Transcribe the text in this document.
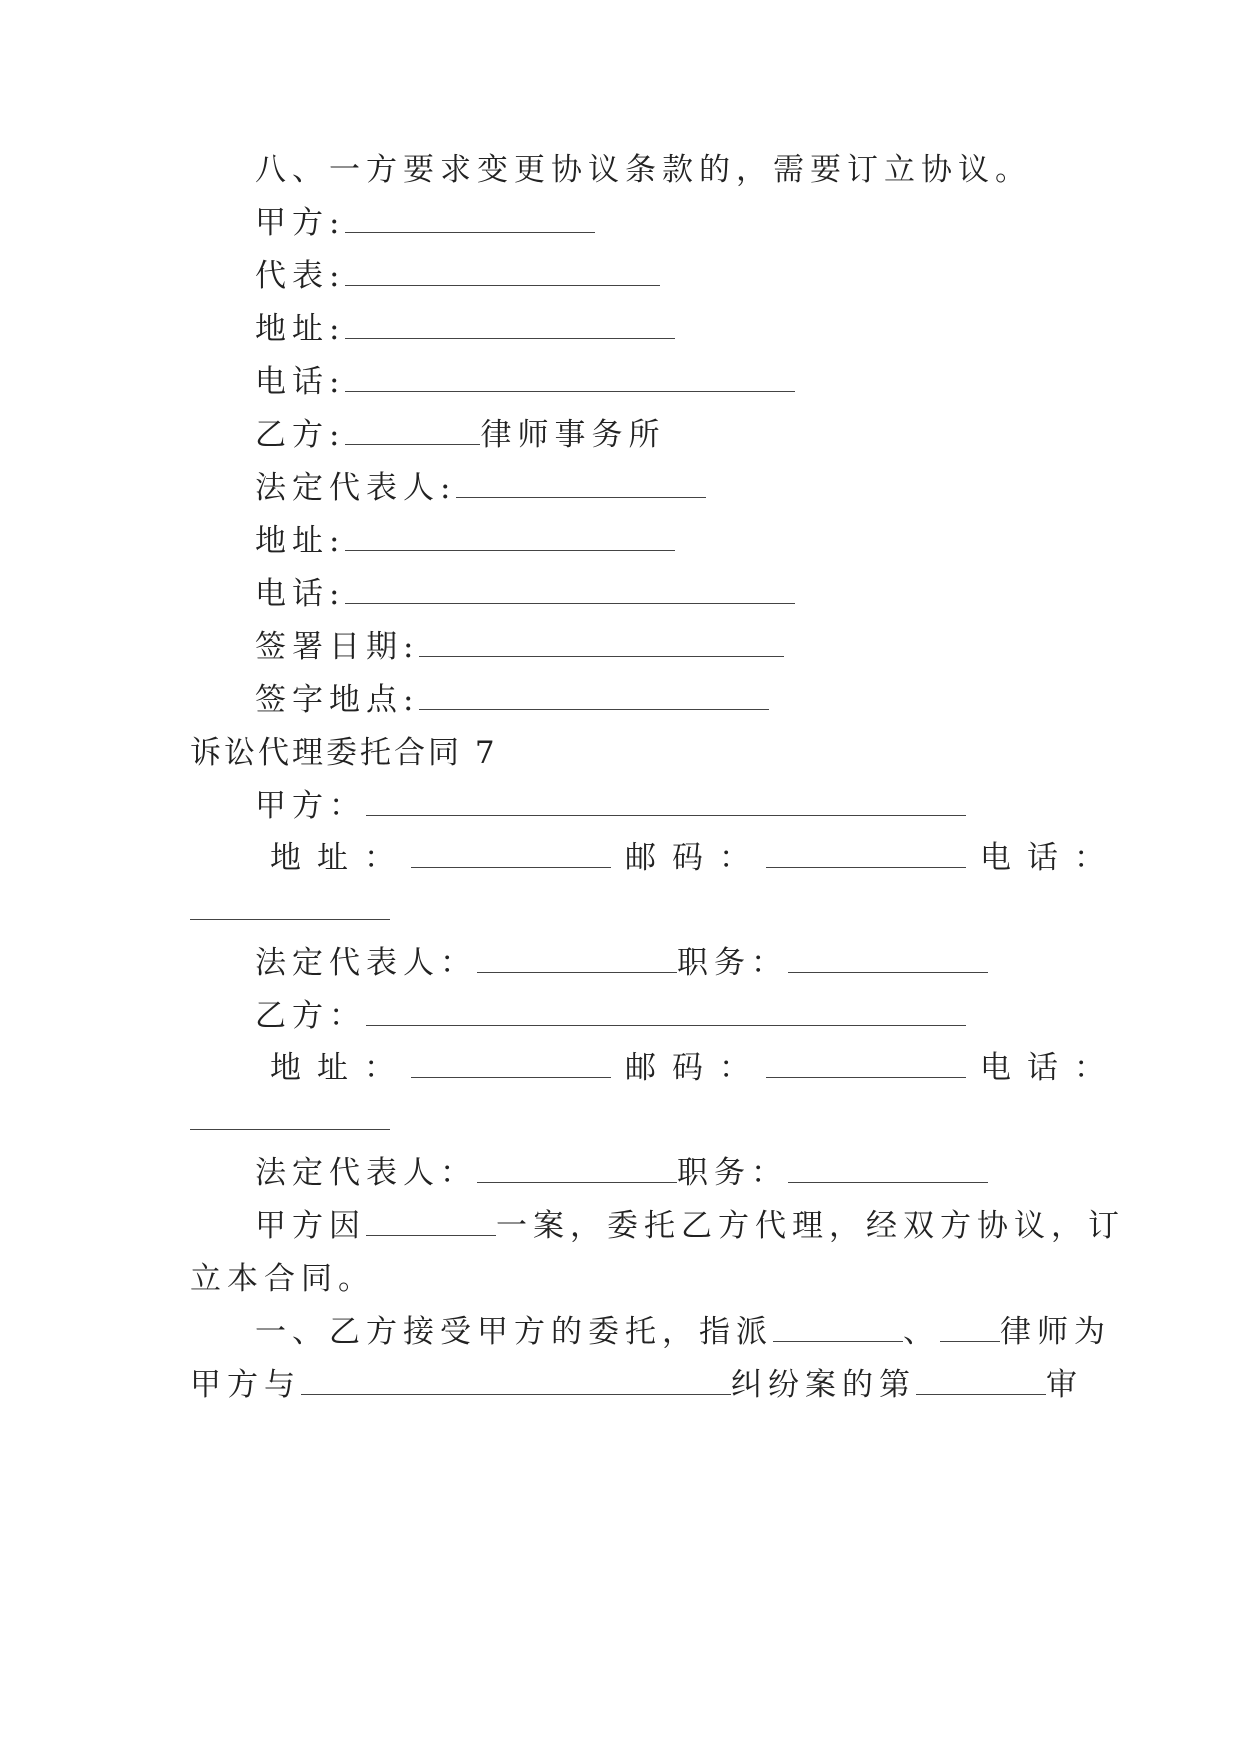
八、一方要求变更协议条款的，需要订立协议。
甲方:
代表:
地址:
电话:
乙方:	律师事务所
法定代表人:
地址:
电话:
签署日期:
签字地点:
诉讼代理委托合同 7
甲方：
地址：	邮码：	电话：
法定代表人：	职务：
乙方：
地址：	邮码：	电话：
法定代表人：	职务：
甲方因	一案，委托乙方代理，经双方协议，订
立本合同。
一、乙方接受甲方的委托，指派	、 律师为
甲方与	纠纷案的第	审
